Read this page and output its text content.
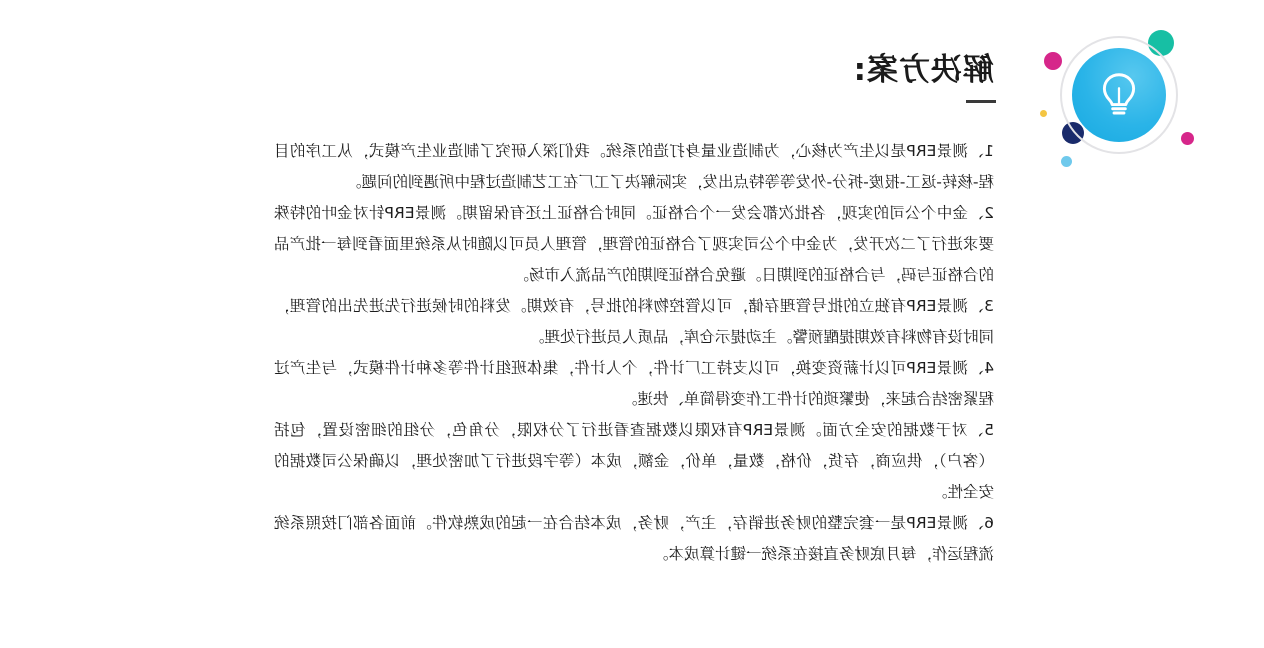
解决方案:

1、测景ERP是以生产为核心，为制造业量身打造的系统。我们深入研究了制造业生产模式，从工序的目程-核转-返工-报废-拆分-外发等等特点出发，实际解决了工厂在工艺制造过程中所遇到的问题。

2、金中个公司的实现，各批次都会发一个合格证。同时合格证上还有保留期。测景ERP针对金叶的特殊要求进行了二次开发，为金中个公司实现了合格证的管理，管理人员可以随时从系统里面看到每一批产品的合格证与码，与合格证的到期日。避免合格证到期的产品流入市场。

3、测景ERP有独立的批号管理存储，可以管控物料的批号，有效期。发料的时候进行先进先出的管理，同时设有物料有效期提醒预警。主动提示仓库，品质人员进行处理。

4、测景ERP可以计薪资变换，可以支持工厂计件，个人计件，集体班组计件等多种计件模式，与生产过程紧密结合起来，使繁琐的计件工作变得简单、快速。

5、对于数据的安全方面。测景ERP有权限以数据查看进行了分权限，分角色，分组的细密设置，包括（客户），供应商，存货，价格，数量，单价，金额，成本（等字段进行了加密处理，以确保公司数据的安全性。

6、测景ERP是一套完整的财务进销存，主产，财务，成本结合在一起的成熟软件。前面各部门按照系统流程运作，每月底财务直接在系统一键计算成本。
